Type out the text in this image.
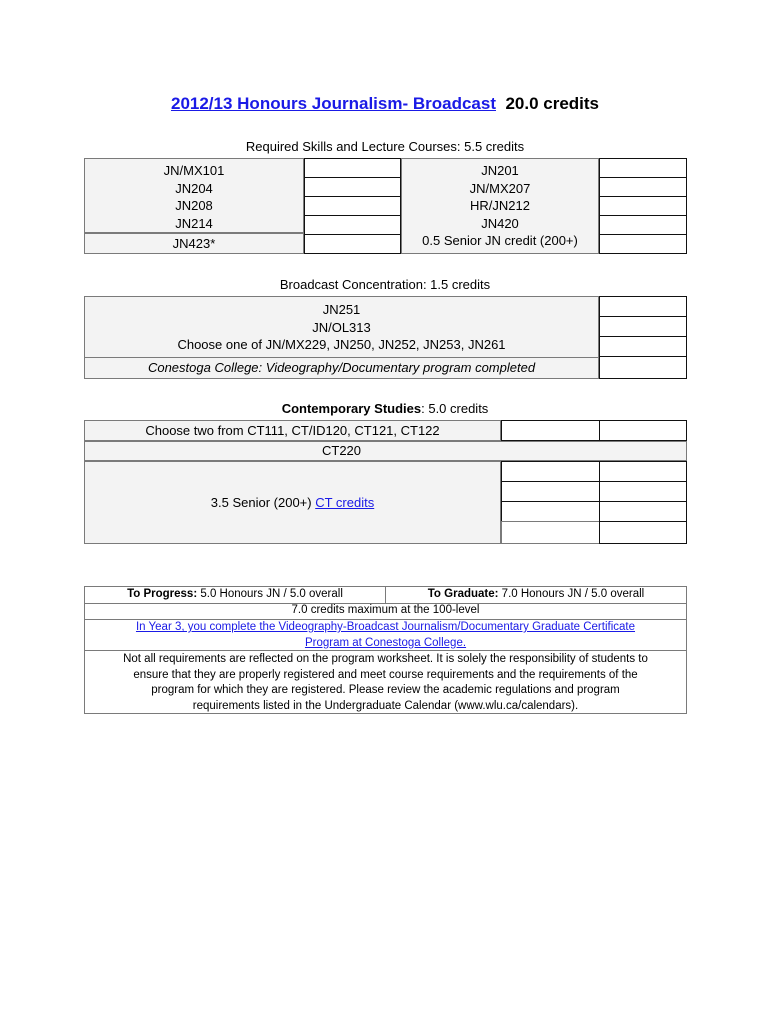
2012/13 Honours Journalism- Broadcast 20.0 credits
Required Skills and Lecture Courses: 5.5 credits
JN/MX101
JN204
JN208
JN214
JN423*
JN201
JN/MX207
HR/JN212
JN420
0.5 Senior JN credit (200+)
Broadcast Concentration: 1.5 credits
JN251
JN/OL313
Choose one of JN/MX229, JN250, JN252, JN253, JN261
Conestoga College: Videography/Documentary program completed
Contemporary Studies: 5.0 credits
Choose two from CT111, CT/ID120, CT121, CT122
CT220
3.5 Senior (200+) CT credits
To Progress: 5.0 Honours JN / 5.0 overall	To Graduate: 7.0 Honours JN / 5.0 overall
7.0 credits maximum at the 100-level
In Year 3, you complete the Videography-Broadcast Journalism/Documentary Graduate Certificate
Program at Conestoga College.
Not all requirements are reflected on the program worksheet. It is solely the responsibility of students to
ensure that they are properly registered and meet course requirements and the requirements of the
program for which they are registered. Please review the academic regulations and program
requirements listed in the Undergraduate Calendar (www.wlu.ca/calendars).
